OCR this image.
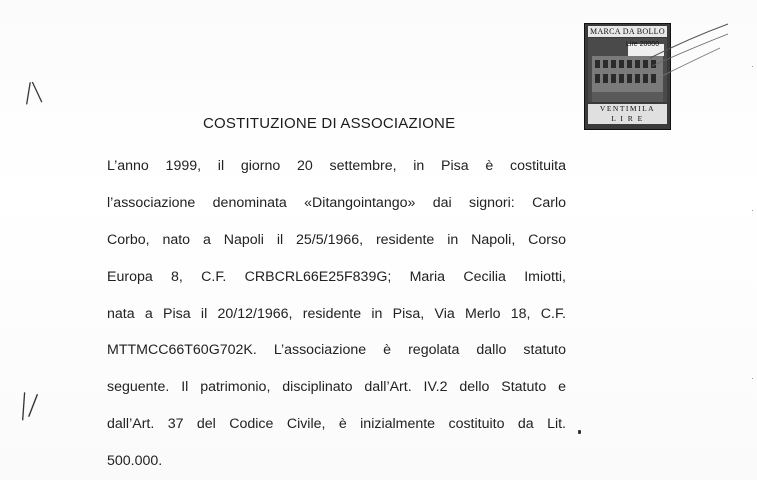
/\
|/
MARCA DA BOLLO
VENTIMILA
L I R E
Lire 20000
COSTITUZIONE DI ASSOCIAZIONE
L’anno 1999, il giorno 20 settembre, in Pisa è costituita
l’associazione denominata «Ditangointango» dai signori: Carlo
Corbo, nato a Napoli il 25/5/1966, residente in Napoli, Corso
Europa 8, C.F. CRBCRL66E25F839G; Maria Cecilia Imiotti,
nata a Pisa il 20/12/1966, residente in Pisa, Via Merlo 18, C.F.
MTTMCC66T60G702K. L’associazione è regolata dallo statuto
seguente. Il patrimonio, disciplinato dall’Art. IV.2 dello Statuto e
dall’Art. 37 del Codice Civile, è inizialmente costituito da Lit.
500.000.
